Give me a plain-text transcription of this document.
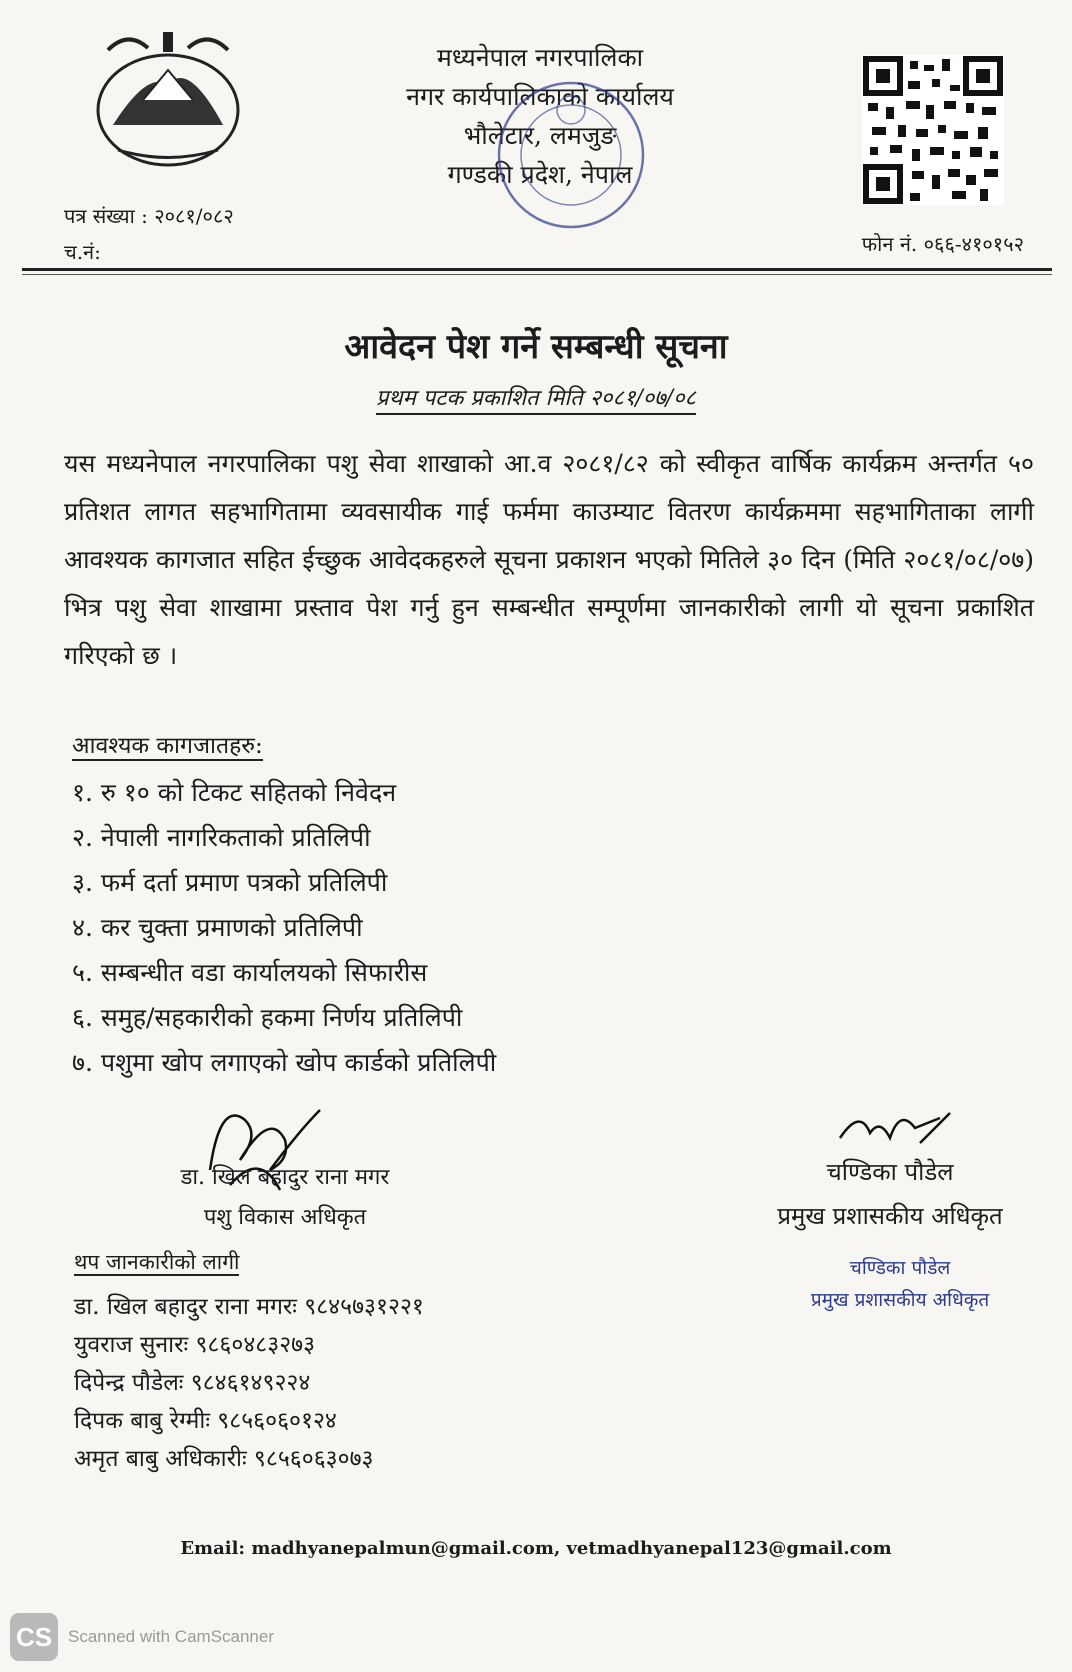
मध्यनेपाल नगरपालिका
नगर कार्यपालिकाको कार्यालय
भौलेटार, लमजुङ
गण्डकी प्रदेश, नेपाल
पत्र संख्या : २०८१/०८२
च.नं:	फोन नं. ०६६-४१०१५२
आवेदन पेश गर्ने सम्बन्धी सूचना
प्रथम पटक प्रकाशित मिति २०८१/०७/०८
यस मध्यनेपाल नगरपालिका पशु सेवा शाखाको आ.व २०८१/८२ को स्वीकृत वार्षिक कार्यक्रम अन्तर्गत ५० प्रतिशत लागत सहभागितामा व्यवसायीक गाई फर्ममा काउम्याट वितरण कार्यक्रममा सहभागिताका लागी आवश्यक कागजात सहित ईच्छुक आवेदकहरुले सूचना प्रकाशन भएको मितिले ३० दिन (मिति २०८१/०८/०७) भित्र पशु सेवा शाखामा प्रस्ताव पेश गर्नु हुन सम्बन्धीत सम्पूर्णमा जानकारीको लागी यो सूचना प्रकाशित गरिएको छ ।
आवश्यक कागजातहरु:
१. रु १० को टिकट सहितको निवेदन
२. नेपाली नागरिकताको प्रतिलिपी
३. फर्म दर्ता प्रमाण पत्रको प्रतिलिपी
४. कर चुक्ता प्रमाणको प्रतिलिपी
५. सम्बन्धीत वडा कार्यालयको सिफारीस
६. समुह/सहकारीको हकमा निर्णय प्रतिलिपी
७. पशुमा खोप लगाएको खोप कार्डको प्रतिलिपी
डा. खिल बहादुर राना मगर
पशु विकास अधिकृत
चण्डिका पौडेल
प्रमुख प्रशासकीय अधिकृत
चण्डिका पौडेल
प्रमुख प्रशासकीय अधिकृत
थप जानकारीको लागी
डा. खिल बहादुर राना मगरः ९८४५७३१२२१
युवराज सुनारः ९८६०४८३२७३
दिपेन्द्र पौडेलः ९८४६१४९२२४
दिपक बाबु रेग्मीः ९८५६०६०१२४
अमृत बाबु अधिकारीः ९८५६०६३०७३
Email: madhyanepalmun@gmail.com, vetmadhyanepal123@gmail.com
CS Scanned with CamScanner
